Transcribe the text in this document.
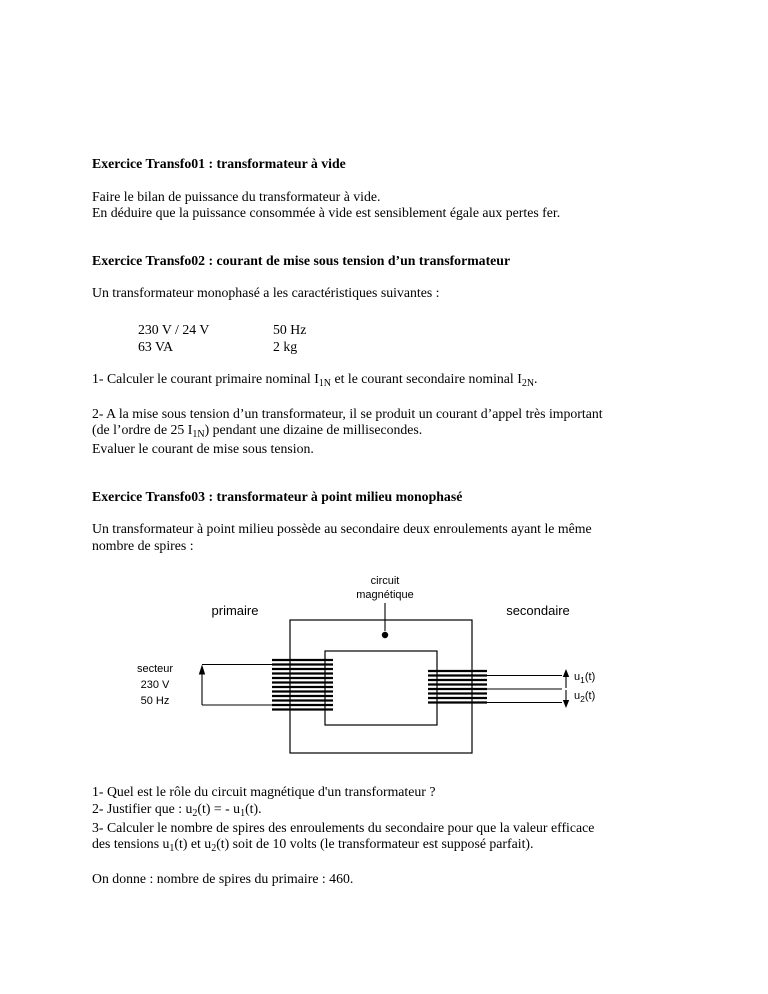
Exercice Transfo01 : transformateur à vide

Faire le bilan de puissance du transformateur à vide.
En déduire que la puissance consommée à vide est sensiblement égale aux pertes fer.

Exercice Transfo02 : courant de mise sous tension d’un transformateur

Un transformateur monophasé a les caractéristiques suivantes :

230 V / 24 V	50 Hz
63 VA	2 kg

1- Calculer le courant primaire nominal $I_{1N}$ et le courant secondaire nominal $I_{2N}$.

2- A la mise sous tension d’un transformateur, il se produit un courant d’appel très important
(de l’ordre de 25 $I_{1N}$) pendant une dizaine de millisecondes.
Evaluer le courant de mise sous tension.

Exercice Transfo03 : transformateur à point milieu monophasé

Un transformateur à point milieu possède au secondaire deux enroulements ayant le même
nombre de spires :

circuit
magnétique
primaire	secondaire
secteur
230 V
50 Hz
$u_1(t)$
$u_2(t)$

1- Quel est le rôle du circuit magnétique d'un transformateur ?
2- Justifier que : $u_2(t)$ = - $u_1(t)$.
3- Calculer le nombre de spires des enroulements du secondaire pour que la valeur efficace
des tensions $u_1(t)$ et $u_2(t)$ soit de 10 volts (le transformateur est supposé parfait).

On donne : nombre de spires du primaire : 460.
